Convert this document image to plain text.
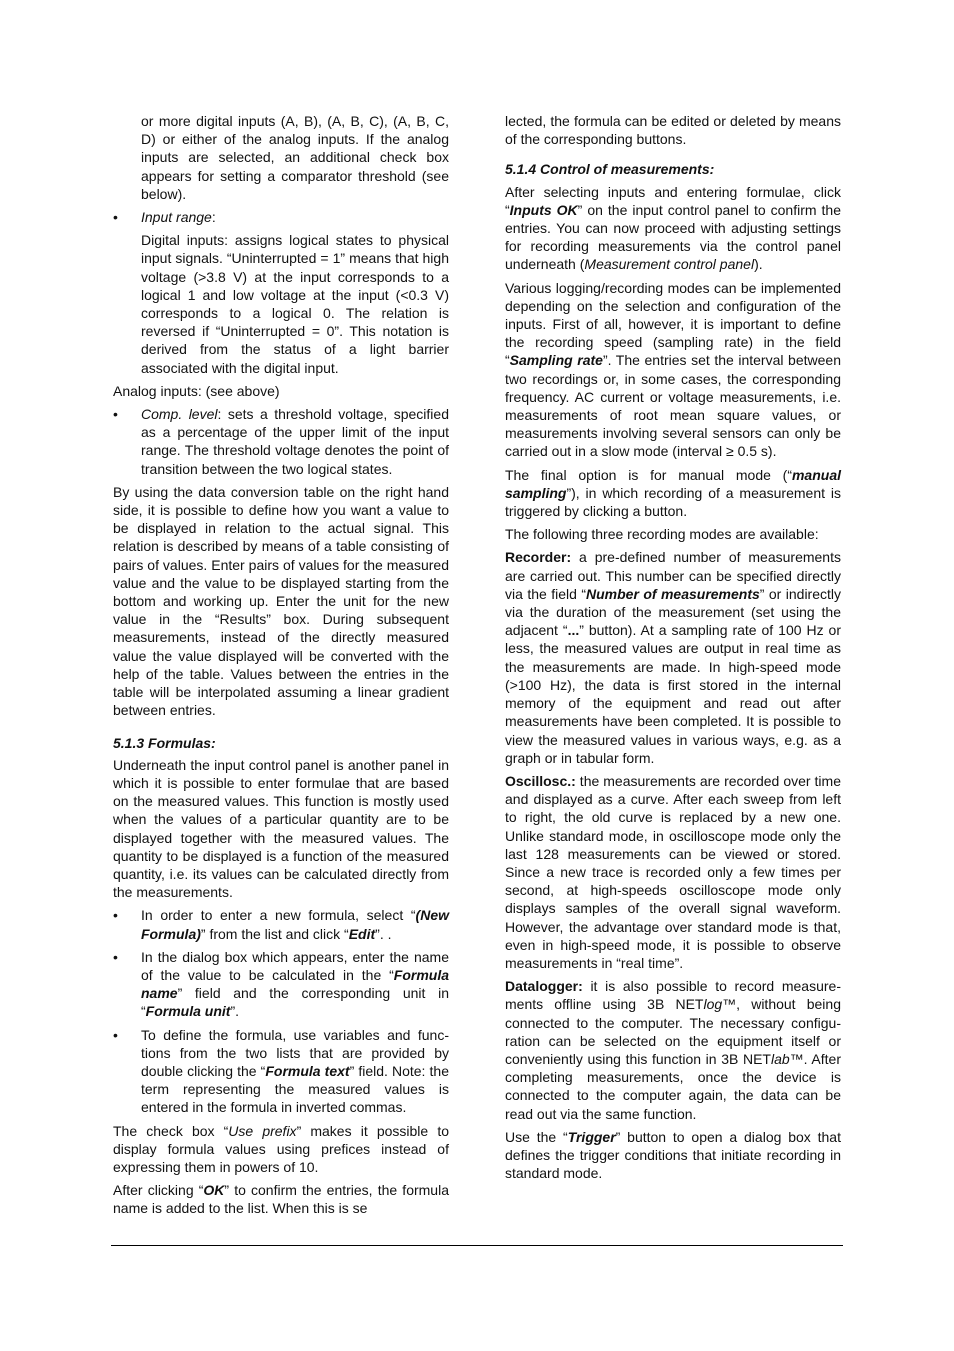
or more digital inputs (A, B), (A, B, C), (A, B, C, D) or either of the analog inputs. If the analog inputs are selected, an additional check box appears for setting a comparator threshold (see below).

• Input range:

Digital inputs: assigns logical states to physical input signals. “Uninterrupted = 1” means that high voltage (>3.8 V) at the input corresponds to a logical 1 and low voltage at the input (<0.3 V) corresponds to a logical 0. The relation is reversed if “Uninterrupted = 0”. This notation is derived from the status of a light barrier associated with the digital input.

Analog inputs: (see above)

• Comp. level: sets a threshold voltage, specified as a percentage of the upper limit of the input range. The threshold voltage denotes the point of transition between the two logical states.

By using the data conversion table on the right hand side, it is possible to define how you want a value to be displayed in relation to the actual signal. This relation is described by means of a table consisting of pairs of values. Enter pairs of values for the measured value and the value to be displayed starting from the bottom and working up. Enter the unit for the new value in the “Results” box. During subsequent measurements, instead of the directly measured value the value displayed will be converted with the help of the table. Values between the entries in the table will be interpolated assuming a linear gradient between entries.

5.1.3 Formulas:

Underneath the input control panel is another panel in which it is possible to enter formulae that are based on the measured values. This function is mostly used when the values of a particular quantity are to be displayed together with the measured values. The quantity to be displayed is a function of the measured quantity, i.e. its values can be calculated directly from the measurements.

• In order to enter a new formula, select “(New Formula)” from the list and click “Edit”. .
• In the dialog box which appears, enter the name of the value to be calculated in the “Formula name” field and the corresponding unit in “Formula unit”.
• To define the formula, use variables and functions from the two lists that are provided by double clicking the “Formula text” field. Note: the term representing the measured values is entered in the formula in inverted commas.

The check box “Use prefix” makes it possible to display formula values using prefices instead of expressing them in powers of 10.

After clicking “OK” to confirm the entries, the formula name is added to the list. When this is se

lected, the formula can be edited or deleted by means of the corresponding buttons.

5.1.4 Control of measurements:

After selecting inputs and entering formulae, click “Inputs OK” on the input control panel to confirm the entries. You can now proceed with adjusting settings for recording measurements via the control panel underneath (Measurement control panel).

Various logging/recording modes can be implemented depending on the selection and configuration of the inputs. First of all, however, it is important to define the recording speed (sampling rate) in the field “Sampling rate”. The entries set the interval between two recordings or, in some cases, the corresponding frequency. AC current or voltage measurements, i.e. measurements of root mean square values, or measurements involving several sensors can only be carried out in a slow mode (interval ≥ 0.5 s).

The final option is for manual mode (“manual sampling”), in which recording of a measurement is triggered by clicking a button.

The following three recording modes are available:

Recorder: a pre-defined number of measurements are carried out. This number can be specified directly via the field “Number of measurements” or indirectly via the duration of the measurement (set using the adjacent “...” button). At a sampling rate of 100 Hz or less, the measured values are output in real time as the measurements are made. In high-speed mode (>100 Hz), the data is first stored in the internal memory of the equipment and read out after measurements have been completed. It is possible to view the measured values in various ways, e.g. as a graph or in tabular form.

Oscillosc.: the measurements are recorded over time and displayed as a curve. After each sweep from left to right, the old curve is replaced by a new one. Unlike standard mode, in oscilloscope mode only the last 128 measurements can be viewed or stored. Since a new trace is recorded only a few times per second, at high-speeds oscilloscope mode only displays samples of the overall signal waveform. However, the advantage over standard mode is that, even in high-speed mode, it is possible to observe measurements in “real time”.

Datalogger: it is also possible to record measurements offline using 3B NETlog™, without being connected to the computer. The necessary configuration can be selected on the equipment itself or conveniently using this function in 3B NETlab™. After completing measurements, once the device is connected to the computer again, the data can be read out via the same function.

Use the “Trigger” button to open a dialog box that defines the trigger conditions that initiate recording in standard mode.
